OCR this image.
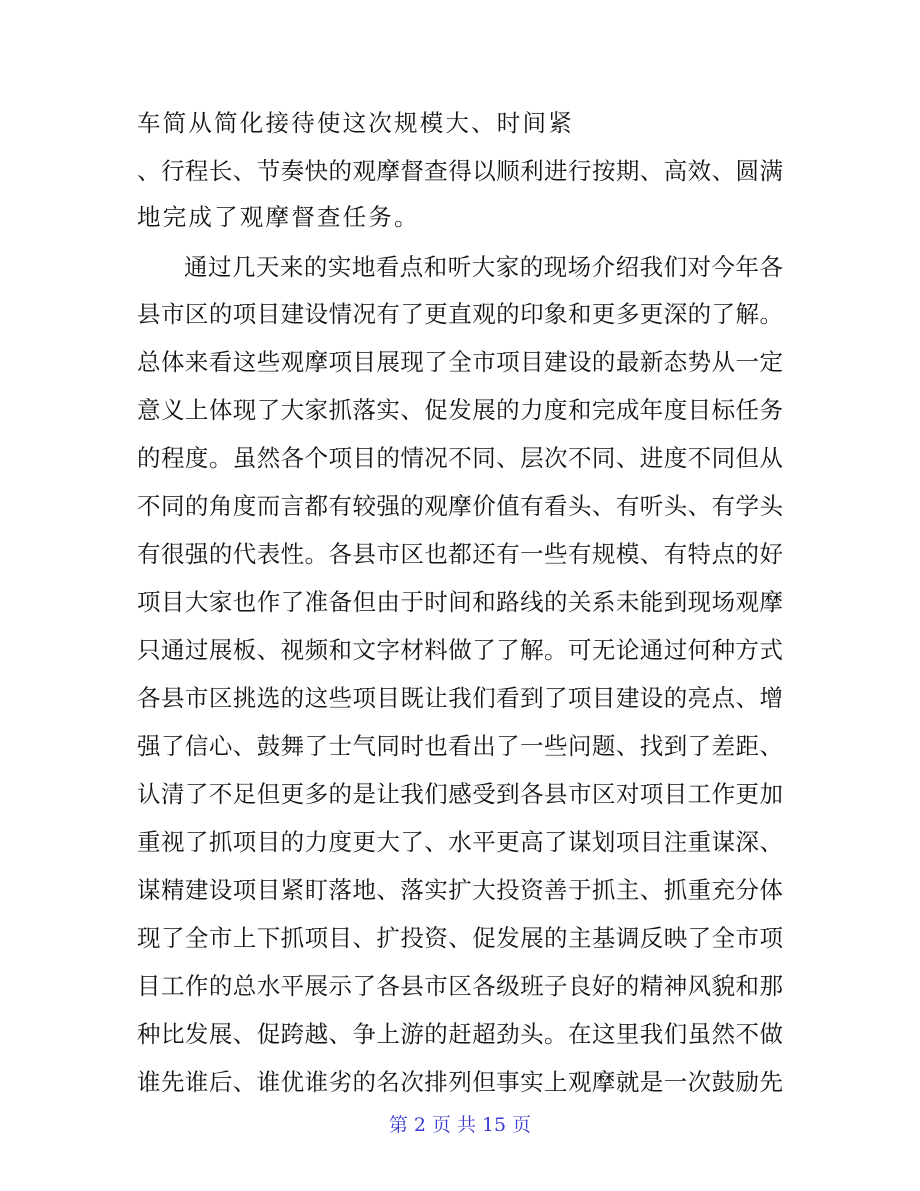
车简从简化接待使这次规模大、时间紧
、行程长、节奏快的观摩督查得以顺利进行按期、高效、圆满
地完成了观摩督查任务。
通过几天来的实地看点和听大家的现场介绍我们对今年各
县市区的项目建设情况有了更直观的印象和更多更深的了解。
总体来看这些观摩项目展现了全市项目建设的最新态势从一定
意义上体现了大家抓落实、促发展的力度和完成年度目标任务
的程度。虽然各个项目的情况不同、层次不同、进度不同但从
不同的角度而言都有较强的观摩价值有看头、有听头、有学头
有很强的代表性。各县市区也都还有一些有规模、有特点的好
项目大家也作了准备但由于时间和路线的关系未能到现场观摩
只通过展板、视频和文字材料做了了解。可无论通过何种方式
各县市区挑选的这些项目既让我们看到了项目建设的亮点、增
强了信心、鼓舞了士气同时也看出了一些问题、找到了差距、
认清了不足但更多的是让我们感受到各县市区对项目工作更加
重视了抓项目的力度更大了、水平更高了谋划项目注重谋深、
谋精建设项目紧盯落地、落实扩大投资善于抓主、抓重充分体
现了全市上下抓项目、扩投资、促发展的主基调反映了全市项
目工作的总水平展示了各县市区各级班子良好的精神风貌和那
种比发展、促跨越、争上游的赶超劲头。在这里我们虽然不做
谁先谁后、谁优谁劣的名次排列但事实上观摩就是一次鼓励先
第 2 页 共 15 页
